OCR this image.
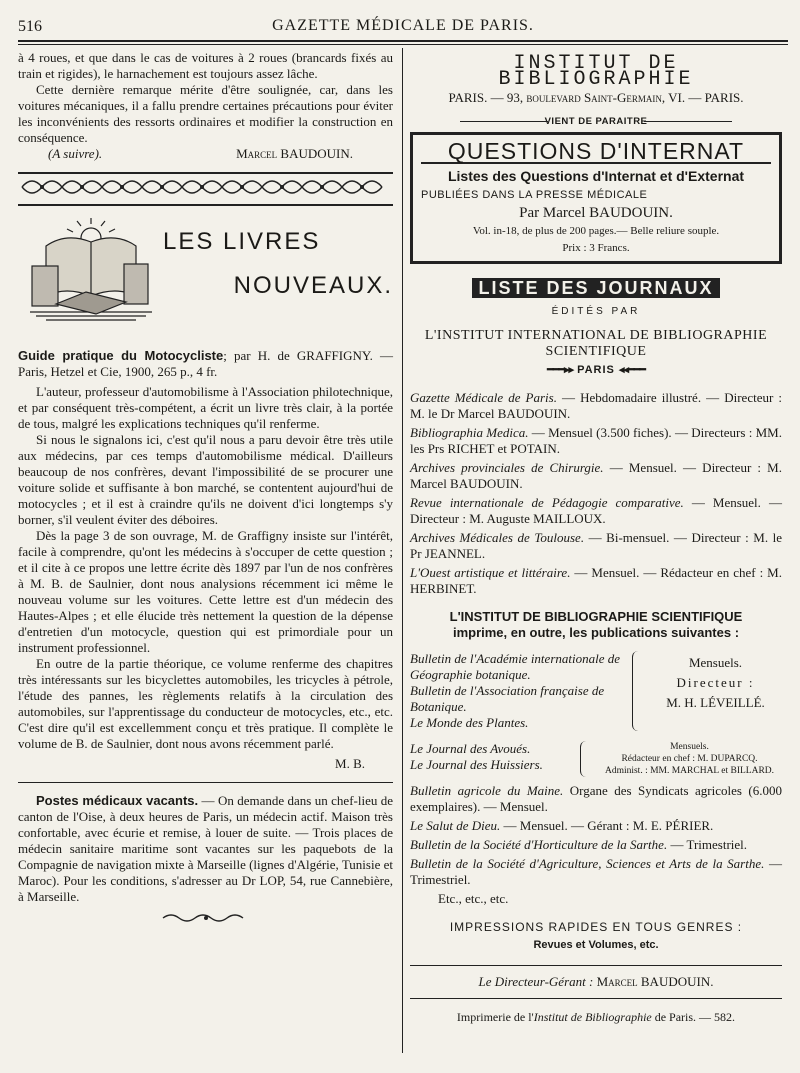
516	GAZETTE MÉDICALE DE PARIS.

à 4 roues, et que dans le cas de voitures à 2 roues (brancards fixés au train et rigides), le harnachement est toujours assez lâche.

Cette dernière remarque mérite d'être soulignée, car, dans les voitures mécaniques, il a fallu prendre certaines précautions pour éviter les inconvénients des ressorts ordinaires et modifier la construction en conséquence.

(A suivre).	Marcel BAUDOUIN.
LES LIVRES
NOUVEAUX.

Guide pratique du Motocycliste; par H. de GRAFFIGNY. — Paris, Hetzel et Cie, 1900, 265 p., 4 fr.

L'auteur, professeur d'automobilisme à l'Association philotechnique, et par conséquent très-compétent, a écrit un livre très clair, à la portée de tous, malgré les explications techniques qu'il renferme.

Si nous le signalons ici, c'est qu'il nous a paru devoir être très utile aux médecins, par ces temps d'automobilisme médical. D'ailleurs beaucoup de nos confrères, devant l'impossibilité de se procurer une voiture solide et suffisante à bon marché, se contentent aujourd'hui de motocycles ; et il est à craindre qu'ils ne doivent d'ici longtemps s'y borner, s'il veulent éviter des déboires.

Dès la page 3 de son ouvrage, M. de Graffigny insiste sur l'intérêt, facile à comprendre, qu'ont les médecins à s'occuper de cette question ; et il cite à ce propos une lettre écrite dès 1897 par l'un de nos confrères à M. B. de Saulnier, dont nous analysions récemment ici même le nouveau volume sur les voitures. Cette lettre est d'un médecin des Hautes-Alpes ; et elle élucide très nettement la question de la dépense d'entretien d'un motocycle, question qui est primordiale pour un instrument professionnel.

En outre de la partie théorique, ce volume renferme des chapitres très intéressants sur les bicyclettes automobiles, les tricycles à pétrole, l'étude des pannes, les règlements relatifs à la circulation des automobiles, sur l'apprentissage du conducteur de motocycles, etc., etc. C'est dire qu'il est excellemment conçu et très pratique. Il complète le volume de B. de Saulnier, dont nous avons récemment parlé.

M. B.

Postes médicaux vacants. — On demande dans un chef-lieu de canton de l'Oise, à deux heures de Paris, un médecin actif. Maison très confortable, avec écurie et remise, à louer de suite. — Trois places de médecin sanitaire maritime sont vacantes sur les paquebots de la Compagnie de navigation mixte à Marseille (lignes d'Algérie, Tunisie et Maroc). Pour les conditions, s'adresser au Dr LOP, 54, rue Cannebière, à Marseille.

INSTITUT DE BIBLIOGRAPHIE
PARIS. — 93, boulevard Saint-Germain, VI. — PARIS.
VIENT DE PARAITRE
QUESTIONS D'INTERNAT
Listes des Questions d'Internat et d'Externat
PUBLIÉES DANS LA PRESSE MÉDICALE
Par Marcel BAUDOUIN.
Vol. in-18, de plus de 200 pages.— Belle reliure souple.
Prix : 3 Francs.
LISTE DES JOURNAUX
ÉDITÉS PAR
L'INSTITUT INTERNATIONAL DE BIBLIOGRAPHIE SCIENTIFIQUE
━━━▸▸ PARIS ◂◂━━━

Gazette Médicale de Paris. — Hebdomadaire illustré. — Directeur : M. le Dr Marcel BAUDOUIN.

Bibliographia Medica. — Mensuel (3.500 fiches). — Directeurs : MM. les Prs RICHET et POTAIN.

Archives provinciales de Chirurgie. — Mensuel. — Directeur : M. Marcel BAUDOUIN.

Revue internationale de Pédagogie comparative. — Mensuel. — Directeur : M. Auguste MAILLOUX.

Archives Médicales de Toulouse. — Bi-mensuel. — Directeur : M. le Pr JEANNEL.

L'Ouest artistique et littéraire. — Mensuel. — Rédacteur en chef : M. HERBINET.

L'INSTITUT DE BIBLIOGRAPHIE SCIENTIFIQUE
imprime, en outre, les publications suivantes :

Bulletin de l'Académie internationale de Géographie botanique.

Bulletin de l'Association française de Botanique.

Le Monde des Plantes.

Mensuels.
Directeur :
M. H. LÉVEILLÉ.

Le Journal des Avoués.

Le Journal des Huissiers.

Mensuels.
Rédacteur en chef : M. DUPARCQ.
Administ. : MM. MARCHAL et BILLARD.

Bulletin agricole du Maine. Organe des Syndicats agricoles (6.000 exemplaires). — Mensuel.

Le Salut de Dieu. — Mensuel. — Gérant : M. E. PÉRIER.

Bulletin de la Société d'Horticulture de la Sarthe. — Trimestriel.

Bulletin de la Société d'Agriculture, Sciences et Arts de la Sarthe. — Trimestriel.

Etc., etc., etc.
IMPRESSIONS RAPIDES EN TOUS GENRES :
Revues et Volumes, etc.
Le Directeur-Gérant : Marcel BAUDOUIN.
Imprimerie de l'Institut de Bibliographie de Paris. — 582.
